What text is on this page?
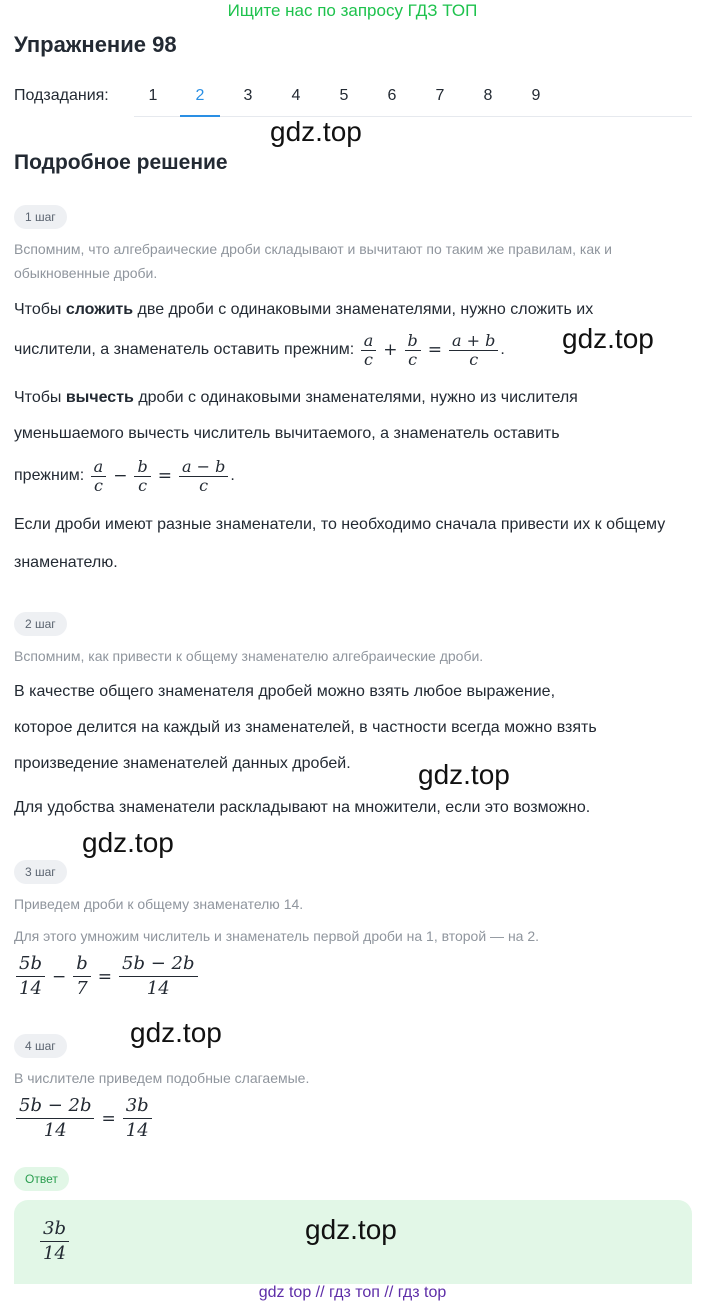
Ищите нас по запросу ГДЗ ТОП
Упражнение 98
Подзадания:	1	2	3	4	5	6	7	8	9
gdz.top
Подробное решение
1 шаг
Вспомним, что алгебраические дроби складывают и вычитают по таким же правилам, как и обыкновенные дроби.
Чтобы сложить две дроби с одинаковыми знаменателями, нужно сложить их
числители, а знаменатель оставить прежним: $\frac{a}{c} + \frac{b}{c} = \frac{a + b}{c}$ . gdz.top
Чтобы вычесть дроби с одинаковыми знаменателями, нужно из числителя
уменьшаемого вычесть числитель вычитаемого, а знаменатель оставить
прежним: $\frac{a}{c} - \frac{b}{c} = \frac{a - b}{c}$ .
Если дроби имеют разные знаменатели, то необходимо сначала привести их к общему знаменателю.
2 шаг
Вспомним, как привести к общему знаменателю алгебраические дроби.
В качестве общего знаменателя дробей можно взять любое выражение,
которое делится на каждый из знаменателей, в частности всегда можно взять
произведение знаменателей данных дробей. gdz.top
Для удобства знаменатели раскладывают на множители, если это возможно.
gdz.top
3 шаг
Приведем дроби к общему знаменателю 14.
Для этого умножим числитель и знаменатель первой дроби на 1, второй — на 2.
$\frac{5b}{14} - \frac{b}{7} = \frac{5b - 2b}{14}$
gdz.top
4 шаг
В числителе приведем подобные слагаемые.
$\frac{5b - 2b}{14} = \frac{3b}{14}$
Ответ
$\frac{3b}{14}$	gdz.top
gdz top // гдз топ // гдз top
